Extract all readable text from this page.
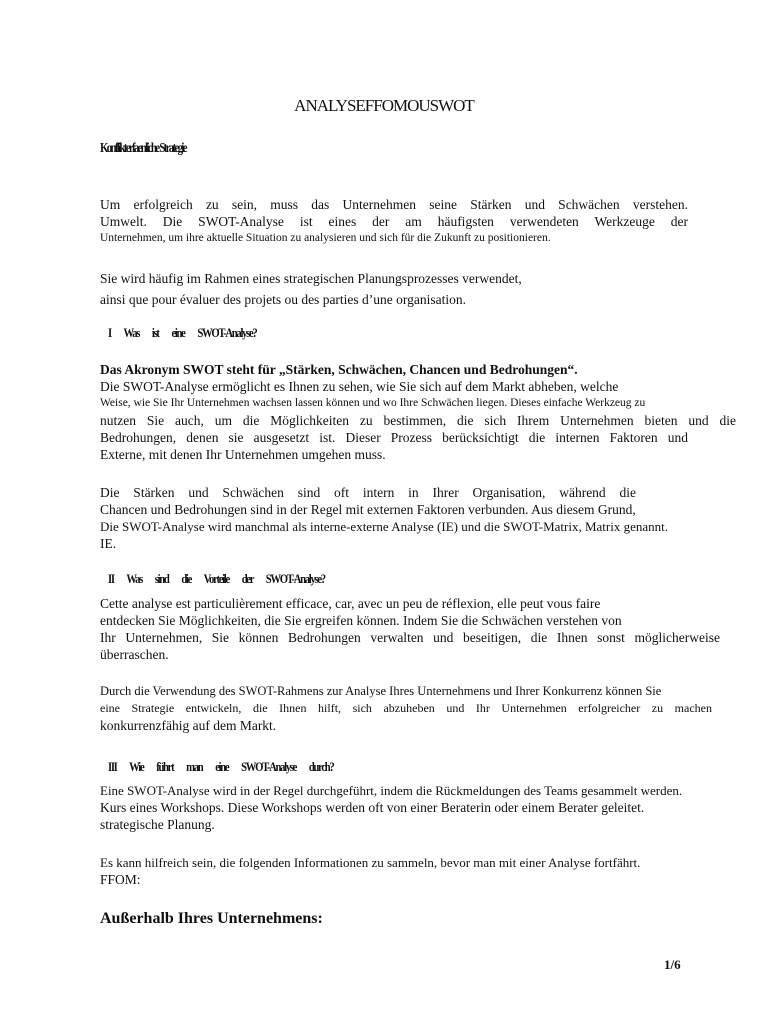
ANALYSEFFOMOUSWOT
Konflikterfaenliche Strategie

Um erfolgreich zu sein, muss das Unternehmen seine Stärken und Schwächen verstehen.
Umwelt. Die SWOT-Analyse ist eines der am häufigsten verwendeten Werkzeuge der
Unternehmen, um ihre aktuelle Situation zu analysieren und sich für die Zukunft zu positionieren.

Sie wird häufig im Rahmen eines strategischen Planungsprozesses verwendet,
ainsi que pour évaluer des projets ou des parties d’une organisation.

I Was ist eine SWOT-Analyse?

Das Akronym SWOT steht für „Stärken, Schwächen, Chancen und Bedrohungen“.
Die SWOT-Analyse ermöglicht es Ihnen zu sehen, wie Sie sich auf dem Markt abheben, welche
Weise, wie Sie Ihr Unternehmen wachsen lassen können und wo Ihre Schwächen liegen. Dieses einfache Werkzeug zu
nutzen Sie auch, um die Möglichkeiten zu bestimmen, die sich Ihrem Unternehmen bieten und die
Bedrohungen, denen sie ausgesetzt ist. Dieser Prozess berücksichtigt die internen Faktoren und
Externe, mit denen Ihr Unternehmen umgehen muss.

Die Stärken und Schwächen sind oft intern in Ihrer Organisation, während die
Chancen und Bedrohungen sind in der Regel mit externen Faktoren verbunden. Aus diesem Grund,
Die SWOT-Analyse wird manchmal als interne-externe Analyse (IE) und die SWOT-Matrix, Matrix genannt.
IE.

II Was sind die Vorteile der SWOT-Analyse?

Cette analyse est particulièrement efficace, car, avec un peu de réflexion, elle peut vous faire
entdecken Sie Möglichkeiten, die Sie ergreifen können. Indem Sie die Schwächen verstehen von
Ihr Unternehmen, Sie können Bedrohungen verwalten und beseitigen, die Ihnen sonst möglicherweise
überraschen.

Durch die Verwendung des SWOT-Rahmens zur Analyse Ihres Unternehmens und Ihrer Konkurrenz können Sie
eine Strategie entwickeln, die Ihnen hilft, sich abzuheben und Ihr Unternehmen erfolgreicher zu machen
konkurrenzfähig auf dem Markt.

III Wie führt man eine SWOT-Analyse durch?

Eine SWOT-Analyse wird in der Regel durchgeführt, indem die Rückmeldungen des Teams gesammelt werden.
Kurs eines Workshops. Diese Workshops werden oft von einer Beraterin oder einem Berater geleitet.
strategische Planung.

Es kann hilfreich sein, die folgenden Informationen zu sammeln, bevor man mit einer Analyse fortfährt.
FFOM:

Außerhalb Ihres Unternehmens:
1/6
